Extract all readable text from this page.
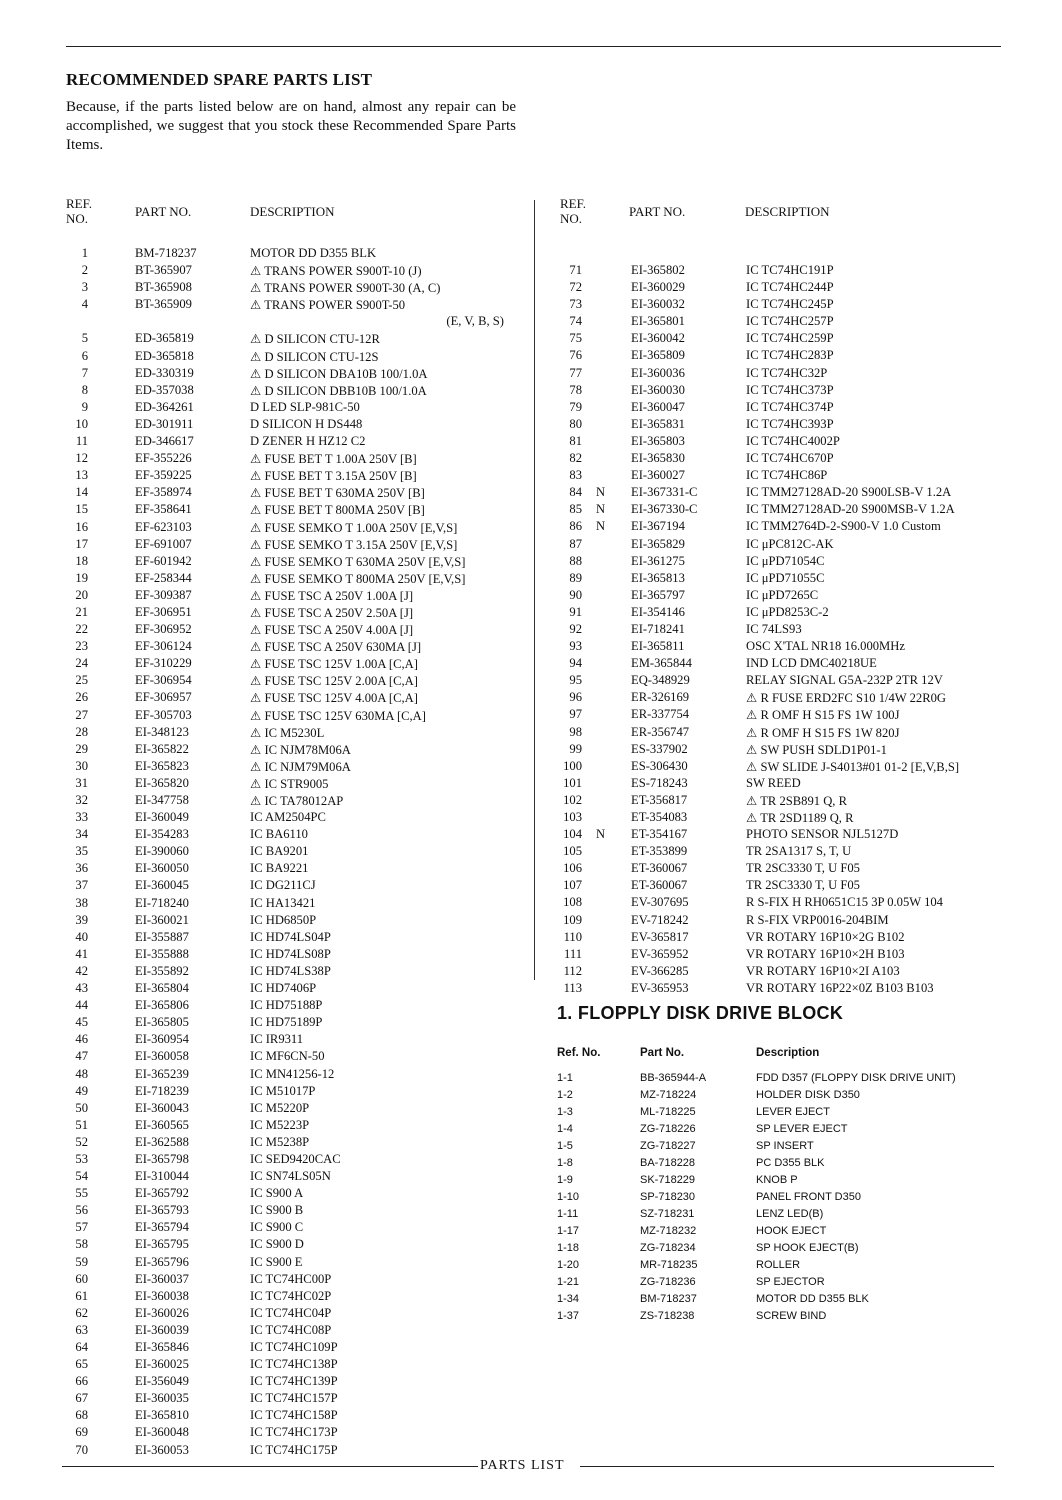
RECOMMENDED SPARE PARTS LIST
Because, if the parts listed below are on hand, almost any repair can be accomplished, we suggest that you stock these Recommended Spare Parts Items.
REF.
NO.	PART NO.	DESCRIPTION
REF.
NO.	PART NO.	DESCRIPTION
1	BM-718237	MOTOR DD D355 BLK
2	BT-365907	⚠ TRANS POWER S900T-10 (J)
3	BT-365908	⚠ TRANS POWER S900T-30 (A, C)
4	BT-365909	⚠ TRANS POWER S900T-50
(E, V, B, S)
5	ED-365819	⚠ D SILICON CTU-12R
6	ED-365818	⚠ D SILICON CTU-12S
7	ED-330319	⚠ D SILICON DBA10B 100/1.0A
8	ED-357038	⚠ D SILICON DBB10B 100/1.0A
9	ED-364261	D LED SLP-981C-50
10	ED-301911	D SILICON H DS448
11	ED-346617	D ZENER H HZ12 C2
12	EF-355226	⚠ FUSE BET T 1.00A 250V [B]
13	EF-359225	⚠ FUSE BET T 3.15A 250V [B]
14	EF-358974	⚠ FUSE BET T 630MA 250V [B]
15	EF-358641	⚠ FUSE BET T 800MA 250V [B]
16	EF-623103	⚠ FUSE SEMKO T 1.00A 250V [E,V,S]
17	EF-691007	⚠ FUSE SEMKO T 3.15A 250V [E,V,S]
18	EF-601942	⚠ FUSE SEMKO T 630MA 250V [E,V,S]
19	EF-258344	⚠ FUSE SEMKO T 800MA 250V [E,V,S]
20	EF-309387	⚠ FUSE TSC A 250V 1.00A [J]
21	EF-306951	⚠ FUSE TSC A 250V 2.50A [J]
22	EF-306952	⚠ FUSE TSC A 250V 4.00A [J]
23	EF-306124	⚠ FUSE TSC A 250V 630MA [J]
24	EF-310229	⚠ FUSE TSC 125V 1.00A [C,A]
25	EF-306954	⚠ FUSE TSC 125V 2.00A [C,A]
26	EF-306957	⚠ FUSE TSC 125V 4.00A [C,A]
27	EF-305703	⚠ FUSE TSC 125V 630MA [C,A]
28	EI-348123	⚠ IC M5230L
29	EI-365822	⚠ IC NJM78M06A
30	EI-365823	⚠ IC NJM79M06A
31	EI-365820	⚠ IC STR9005
32	EI-347758	⚠ IC TA78012AP
33	EI-360049	IC AM2504PC
34	EI-354283	IC BA6110
35	EI-390060	IC BA9201
36	EI-360050	IC BA9221
37	EI-360045	IC DG211CJ
38	EI-718240	IC HA13421
39	EI-360021	IC HD6850P
40	EI-355887	IC HD74LS04P
41	EI-355888	IC HD74LS08P
42	EI-355892	IC HD74LS38P
43	EI-365804	IC HD7406P
44	EI-365806	IC HD75188P
45	EI-365805	IC HD75189P
46	EI-360954	IC IR9311
47	EI-360058	IC MF6CN-50
48	EI-365239	IC MN41256-12
49	EI-718239	IC M51017P
50	EI-360043	IC M5220P
51	EI-360565	IC M5223P
52	EI-362588	IC M5238P
53	EI-365798	IC SED9420CAC
54	EI-310044	IC SN74LS05N
55	EI-365792	IC S900 A
56	EI-365793	IC S900 B
57	EI-365794	IC S900 C
58	EI-365795	IC S900 D
59	EI-365796	IC S900 E
60	EI-360037	IC TC74HC00P
61	EI-360038	IC TC74HC02P
62	EI-360026	IC TC74HC04P
63	EI-360039	IC TC74HC08P
64	EI-365846	IC TC74HC109P
65	EI-360025	IC TC74HC138P
66	EI-356049	IC TC74HC139P
67	EI-360035	IC TC74HC157P
68	EI-365810	IC TC74HC158P
69	EI-360048	IC TC74HC173P
70	EI-360053	IC TC74HC175P
71	EI-365802	IC TC74HC191P
72	EI-360029	IC TC74HC244P
73	EI-360032	IC TC74HC245P
74	EI-365801	IC TC74HC257P
75	EI-360042	IC TC74HC259P
76	EI-365809	IC TC74HC283P
77	EI-360036	IC TC74HC32P
78	EI-360030	IC TC74HC373P
79	EI-360047	IC TC74HC374P
80	EI-365831	IC TC74HC393P
81	EI-365803	IC TC74HC4002P
82	EI-365830	IC TC74HC670P
83	EI-360027	IC TC74HC86P
84 N EI-367331-C	IC TMM27128AD-20 S900LSB-V 1.2A
85 N EI-367330-C	IC TMM27128AD-20 S900MSB-V 1.2A
86 N EI-367194	IC TMM2764D-2-S900-V 1.0 Custom
87	EI-365829	IC μPC812C-AK
88	EI-361275	IC μPD71054C
89	EI-365813	IC μPD71055C
90	EI-365797	IC μPD7265C
91	EI-354146	IC μPD8253C-2
92	EI-718241	IC 74LS93
93	EI-365811	OSC X'TAL NR18 16.000MHz
94	EM-365844	IND LCD DMC40218UE
95	EQ-348929	RELAY SIGNAL G5A-232P 2TR 12V
96	ER-326169	⚠ R FUSE ERD2FC S10 1/4W 22R0G
97	ER-337754	⚠ R OMF H S15 FS 1W 100J
98	ER-356747	⚠ R OMF H S15 FS 1W 820J
99	ES-337902	⚠ SW PUSH SDLD1P01-1
100	ES-306430	⚠ SW SLIDE J-S4013#01 01-2 [E,V,B,S]
101	ES-718243	SW REED
102	ET-356817	⚠ TR 2SB891 Q, R
103	ET-354083	⚠ TR 2SD1189 Q, R
104 N ET-354167	PHOTO SENSOR NJL5127D
105	ET-353899	TR 2SA1317 S, T, U
106	ET-360067	TR 2SC3330 T, U F05
107	ET-360067	TR 2SC3330 T, U F05
108	EV-307695	R S-FIX H RH0651C15 3P 0.05W 104
109	EV-718242	R S-FIX VRP0016-204BIM
110	EV-365817	VR ROTARY 16P10×2G B102
111	EV-365952	VR ROTARY 16P10×2H B103
112	EV-366285	VR ROTARY 16P10×2I A103
113	EV-365953	VR ROTARY 16P22×0Z B103 B103
1. FLOPPLY DISK DRIVE BLOCK
Ref. No.	Part No.	Description
1-1	BB-365944-A	FDD D357 (FLOPPY DISK DRIVE UNIT)
1-2	MZ-718224	HOLDER DISK D350
1-3	ML-718225	LEVER EJECT
1-4	ZG-718226	SP LEVER EJECT
1-5	ZG-718227	SP INSERT
1-8	BA-718228	PC D355 BLK
1-9	SK-718229	KNOB P
1-10	SP-718230	PANEL FRONT D350
1-11	SZ-718231	LENZ LED(B)
1-17	MZ-718232	HOOK EJECT
1-18	ZG-718234	SP HOOK EJECT(B)
1-20	MR-718235	ROLLER
1-21	ZG-718236	SP EJECTOR
1-34	BM-718237	MOTOR DD D355 BLK
1-37	ZS-718238	SCREW BIND
PARTS LIST
